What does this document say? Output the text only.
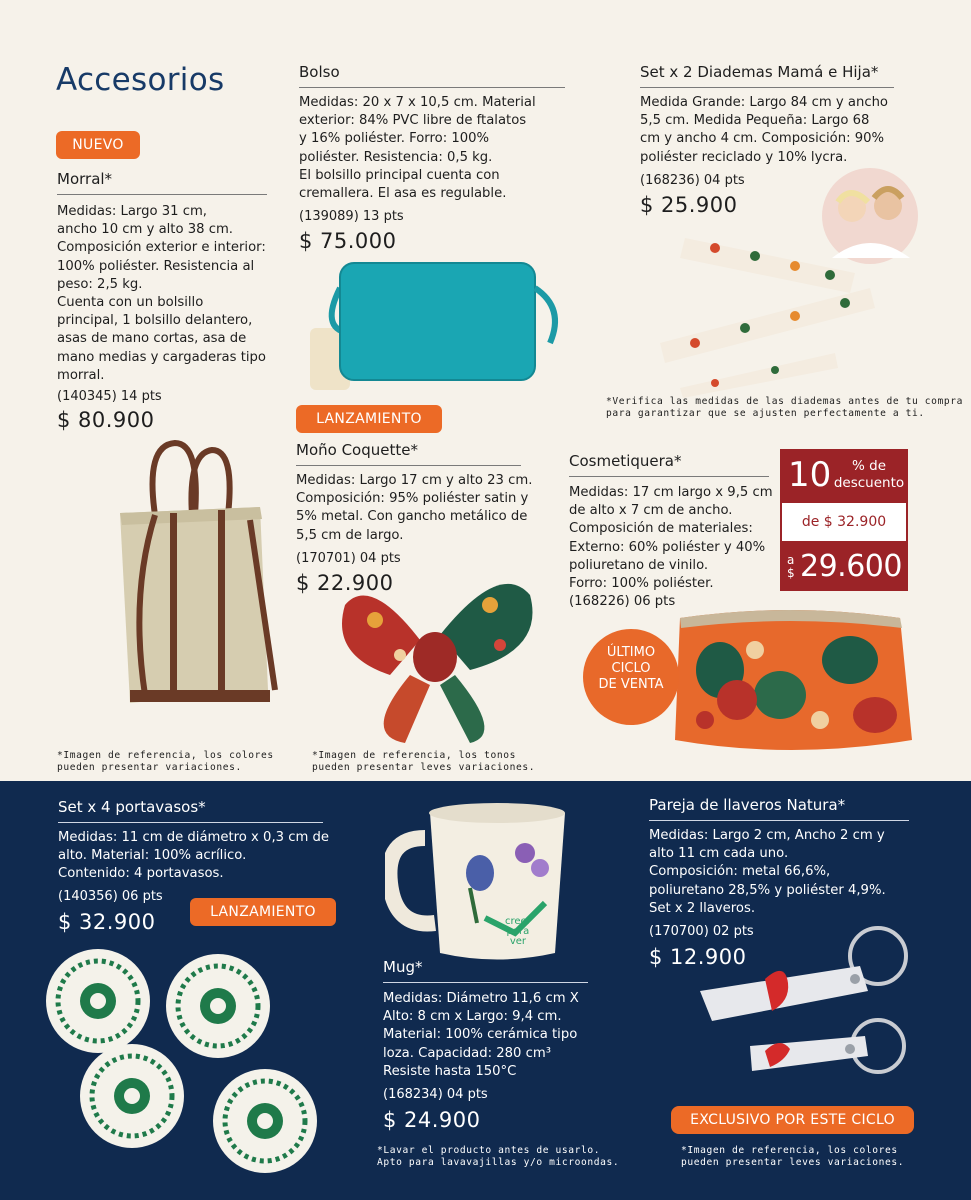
Accesorios
NUEVO
Morral*
Medidas: Largo 31 cm,
ancho 10 cm y alto 38 cm.
Composición exterior e interior:
100% poliéster. Resistencia al
peso: 2,5 kg.
Cuenta con un bolsillo
principal, 1 bolsillo delantero,
asas de mano cortas, asa de
mano medias y cargaderas tipo
morral.
(140345) 14 pts
$ 80.900
*Imagen de referencia, los colores
pueden presentar variaciones.
Bolso
Medidas: 20 x 7 x 10,5 cm. Material
exterior: 84% PVC libre de ftalatos
y 16% poliéster. Forro: 100%
poliéster. Resistencia: 0,5 kg.
El bolsillo principal cuenta con
cremallera. El asa es regulable.
(139089) 13 pts
$ 75.000
Set x 2 Diademas Mamá e Hija*
Medida Grande: Largo 84 cm y ancho
5,5 cm. Medida Pequeña: Largo 68
cm y ancho 4 cm. Composición: 90%
poliéster reciclado y 10% lycra.
(168236) 04 pts
$ 25.900
*Verifica las medidas de las diademas antes de tu compra
para garantizar que se ajusten perfectamente a ti.
LANZAMIENTO
Moño Coquette*
Medidas: Largo 17 cm y alto 23 cm.
Composición: 95% poliéster satin y
5% metal. Con gancho metálico de
5,5 cm de largo.
(170701) 04 pts
$ 22.900
*Imagen de referencia, los tonos
pueden presentar leves variaciones.
Cosmetiquera*
Medidas: 17 cm largo x 9,5 cm
de alto x 7 cm de ancho.
Composición de materiales:
Externo: 60% poliéster y 40%
poliuretano de vinilo.
Forro: 100% poliéster.
(168226) 06 pts
10	% de
descuento
de $ 32.900
a
$ 29.600
ÚLTIMO
CICLO
DE VENTA
Set x 4 portavasos*
Medidas: 11 cm de diámetro x 0,3 cm de
alto. Material: 100% acrílico.
Contenido: 4 portavasos.
(140356) 06 pts
$ 32.900	LANZAMIENTO
creer
para
ver
Mug*
Medidas: Diámetro 11,6 cm X
Alto: 8 cm x Largo: 9,4 cm.
Material: 100% cerámica tipo
loza. Capacidad: 280 cm³
Resiste hasta 150°C
(168234) 04 pts
$ 24.900
*Lavar el producto antes de usarlo.
Apto para lavavajillas y/o microondas.
Pareja de llaveros Natura*
Medidas: Largo 2 cm, Ancho 2 cm y
alto 11 cm cada uno.
Composición: metal 66,6%,
poliuretano 28,5% y poliéster 4,9%.
Set x 2 llaveros.
(170700) 02 pts
$ 12.900
EXCLUSIVO POR ESTE CICLO
*Imagen de referencia, los colores
pueden presentar leves variaciones.
